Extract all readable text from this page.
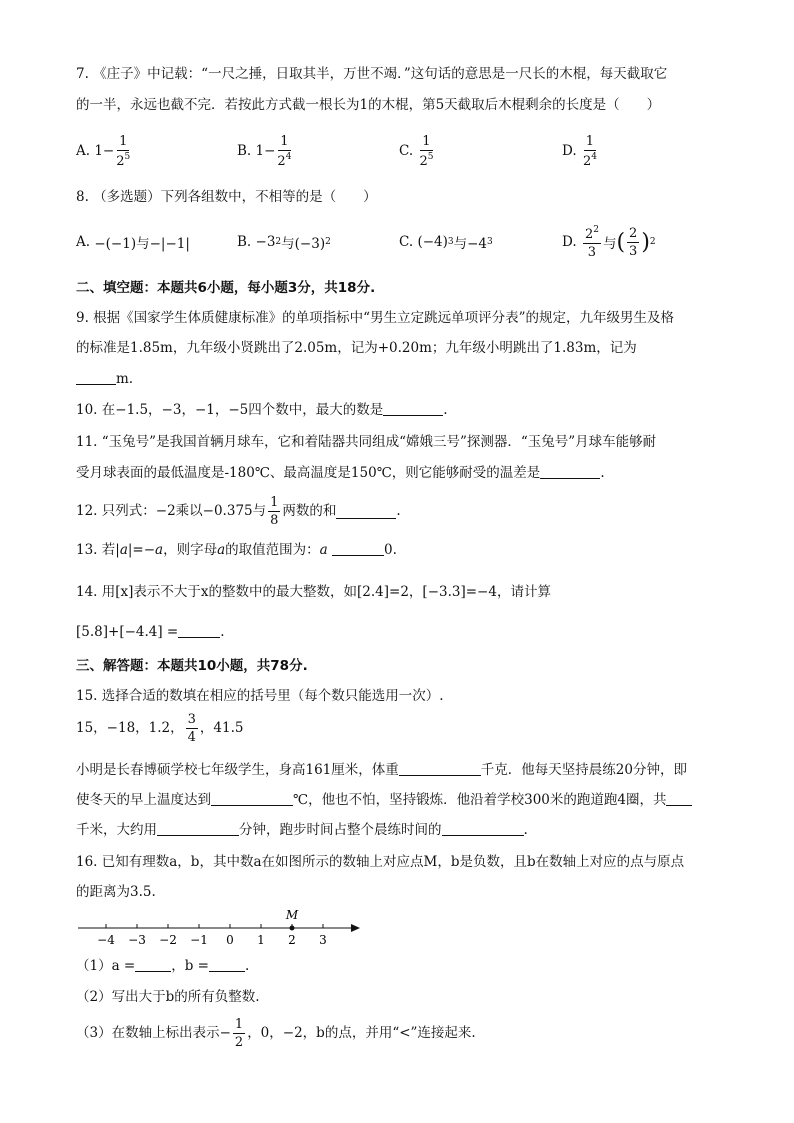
7. 《庄子》中记载：“一尺之捶，日取其半，万世不竭．”这句话的意思是一尺长的木棍，每天截取它
的一半，永远也截不完．若按此方式截一根长为1的木棍，第5天截取后木棍剩余的长度是（　　）
A.
$1- \frac{1}{2^5}$	B.
$1- \frac{1}{2^4}$	C.
$\frac{1}{2^5}$	D.
$\frac{1}{2^4}$
8. （多选题）下列各组数中，不相等的是（　　）
A.
−(−1)与−|−1|	B.
−3 2 与(−3) 2	C.
(−4) 3 与−4 3	D.
$\frac{2^2}{3}$ 与 ( $\frac{2}{3}$ ) 2
二、填空题：本题共6小题，每小题3分，共18分.
9. 根据《国家学生体质健康标准》的单项指标中“男生立定跳远单项评分表”的规定，九年级男生及格
的标准是1.85m，九年级小贤跳出了2.05m，记为+0.20m；九年级小明跳出了1.83m，记为
m.
10. 在−1.5，−3，−1，−5四个数中，最大的数是	.
11. “玉兔号”是我国首辆月球车，它和着陆器共同组成“嫦娥三号”探测器．“玉兔号”月球车能够耐
受月球表面的最低温度是-180℃、最高温度是150℃，则它能够耐受的温差是	.
12. 只列式：−2乘以−0.375与 $\frac{1}{8}$ 两数的和	.
13. 若|a|=−a，则字母a的取值范围为：a	0.
14. 用[x]表示不大于x的整数中的最大整数，如[2.4]=2，[−3.3]=−4，请计算
[5.8]+[−4.4] =	.
三、解答题：本题共10小题，共78分.
15. 选择合适的数填在相应的括号里（每个数只能选用一次）.
15，−18，1.2， $\frac{3}{4}$ ，41.5
小明是长春博硕学校七年级学生，身高161厘米，体重	千克．他每天坚持晨练20分钟，即
使冬天的早上温度达到	℃，他也不怕，坚持锻炼．他沿着学校300米的跑道跑4圈，共
千米，大约用	分钟，跑步时间占整个晨练时间的	.
16. 已知有理数a，b，其中数a在如图所示的数轴上对应点M，b是负数，且b在数轴上对应的点与原点
的距离为3.5.
−4 −3 −2 −1 0 1 2 3
M
（1）a =	，b =	.
（2）写出大于b的所有负整数.
（3）在数轴上标出表示− $\frac{1}{2}$ ，0，−2，b的点，并用“<”连接起来.
